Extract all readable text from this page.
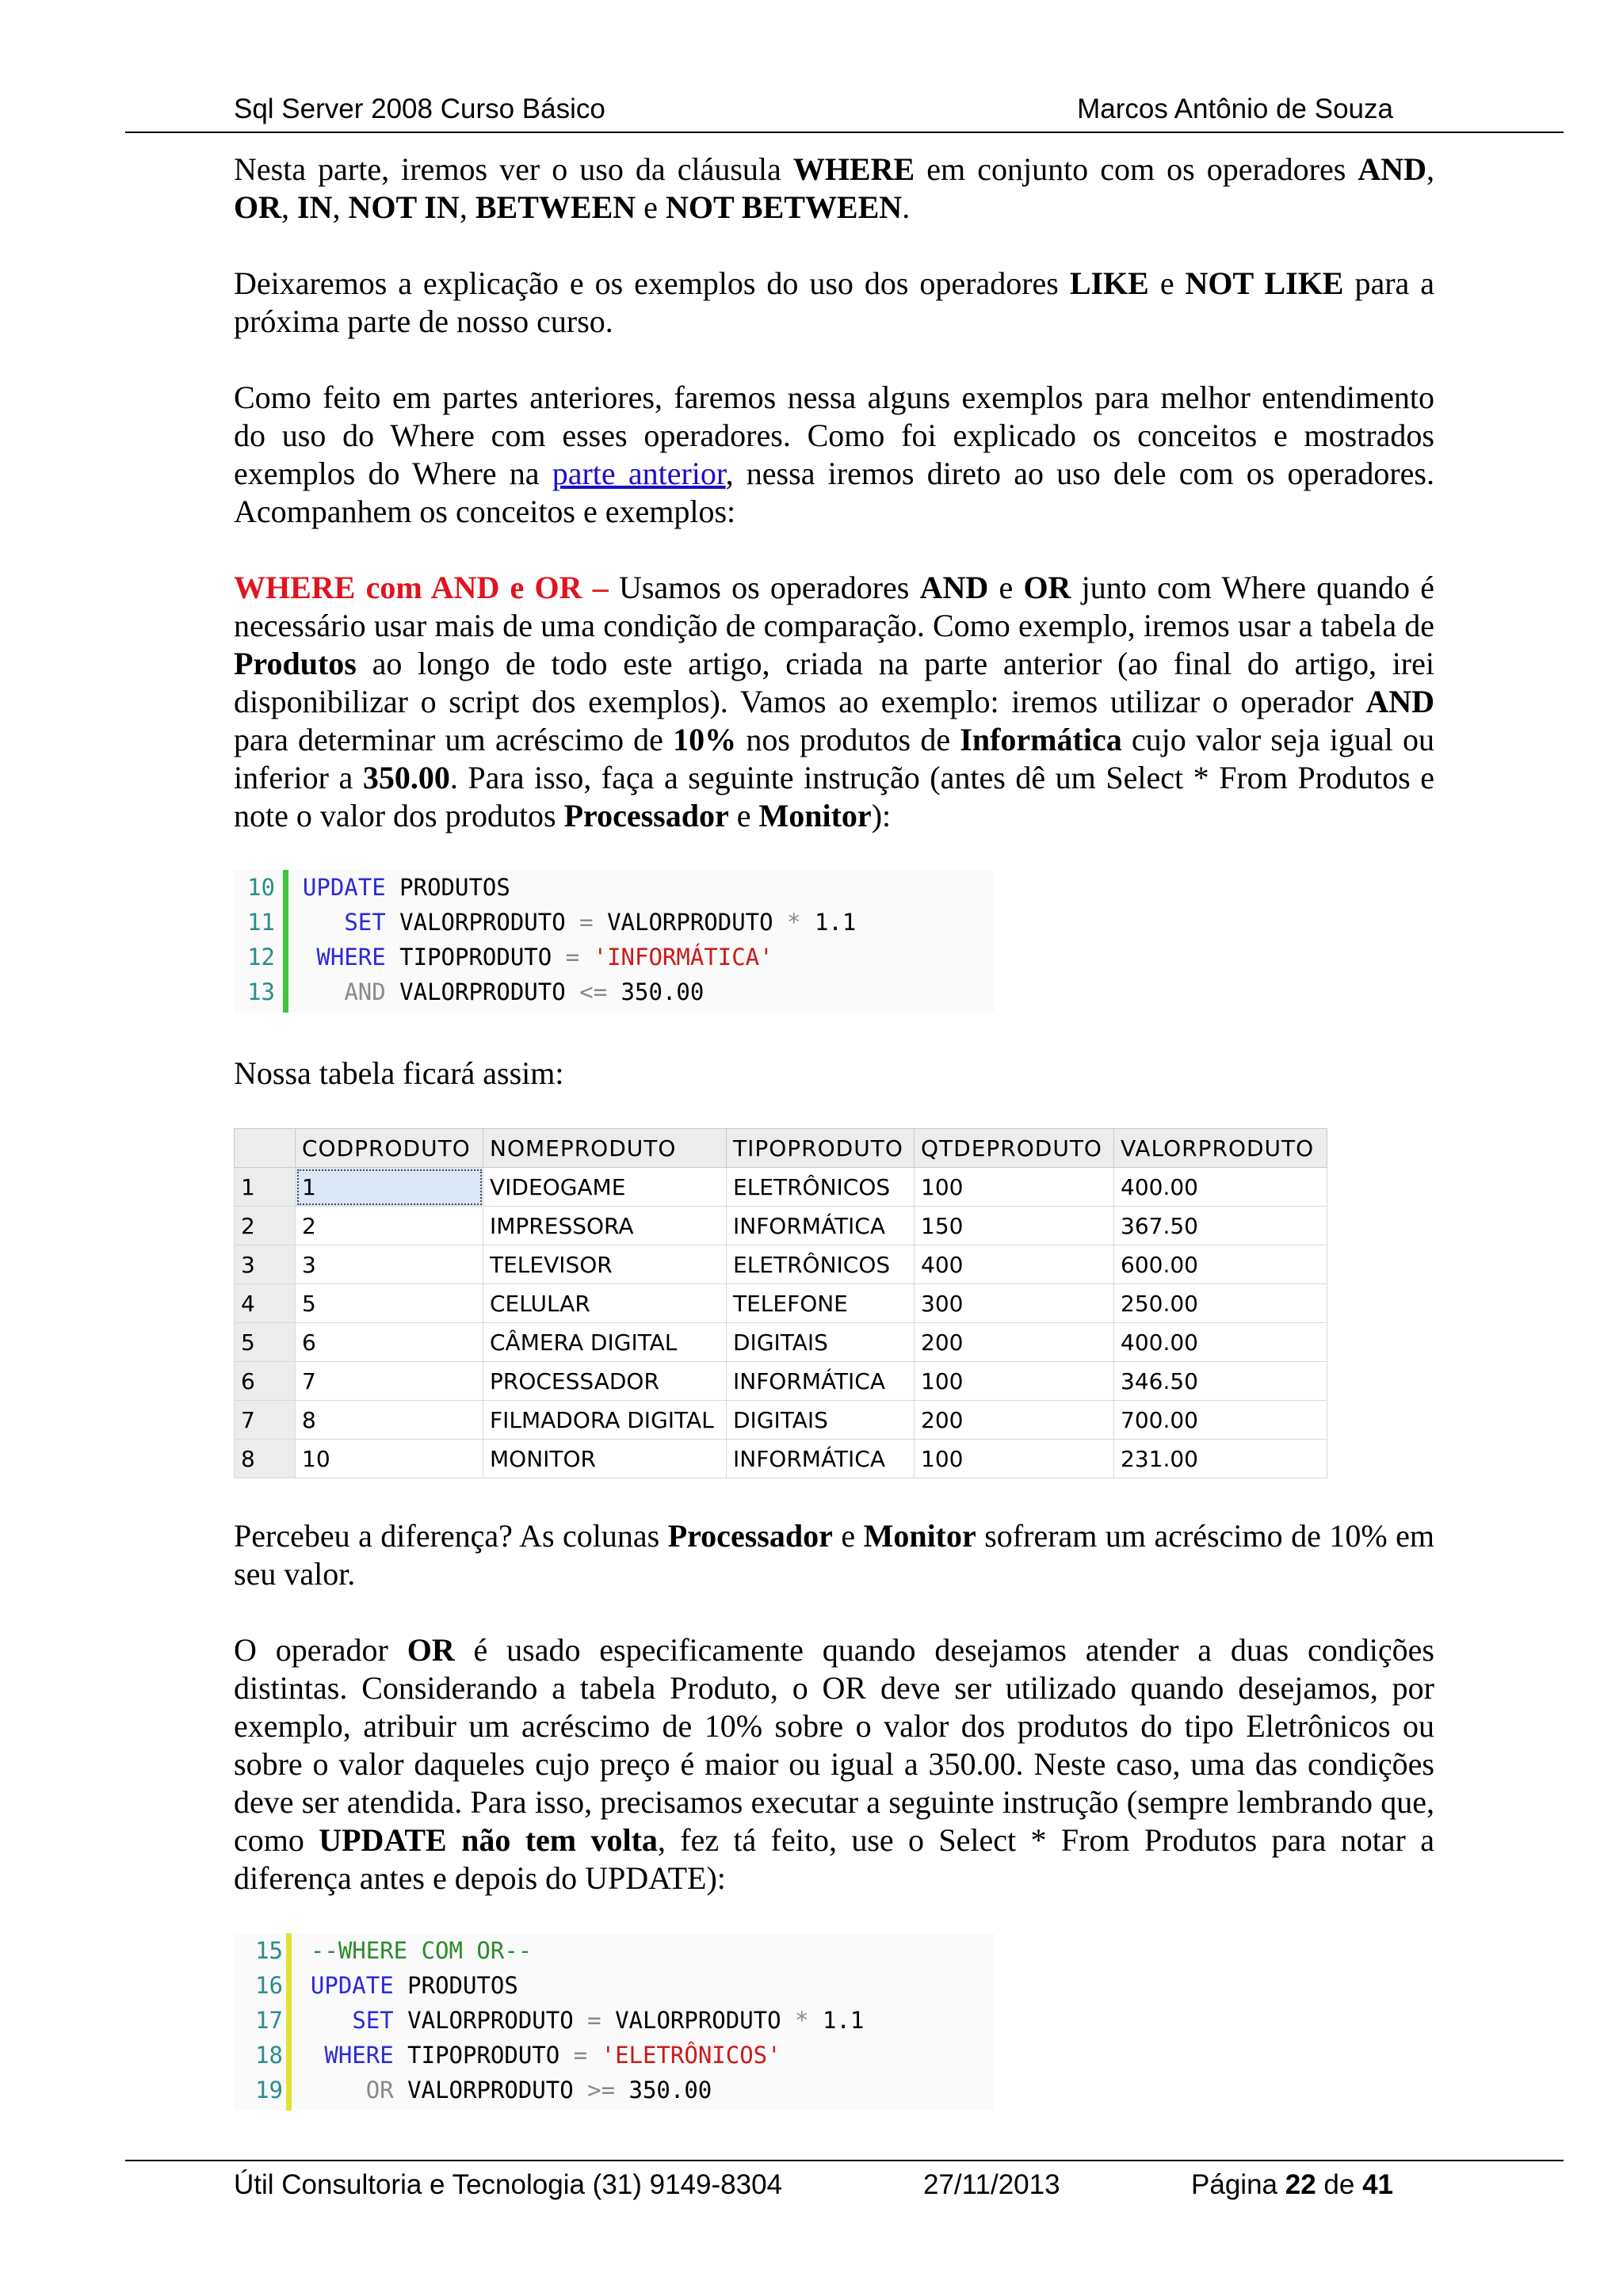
Sql Server 2008 Curso Básico	Marcos Antônio de Souza

Nesta parte, iremos ver o uso da cláusula WHERE em conjunto com os operadores AND, OR, IN, NOT IN, BETWEEN e NOT BETWEEN.

Deixaremos a explicação e os exemplos do uso dos operadores LIKE e NOT LIKE para a próxima parte de nosso curso.

Como feito em partes anteriores, faremos nessa alguns exemplos para melhor entendimento do uso do Where com esses operadores. Como foi explicado os conceitos e mostrados exemplos do Where na parte anterior, nessa iremos direto ao uso dele com os operadores. Acompanhem os conceitos e exemplos:

WHERE com AND e OR – Usamos os operadores AND e OR junto com Where quando é necessário usar mais de uma condição de comparação. Como exemplo, iremos usar a tabela de Produtos ao longo de todo este artigo, criada na parte anterior (ao final do artigo, irei disponibilizar o script dos exemplos). Vamos ao exemplo: iremos utilizar o operador AND para determinar um acréscimo de 10% nos produtos de Informática cujo valor seja igual ou inferior a 350.00. Para isso, faça a seguinte instrução (antes dê um Select * From Produtos e note o valor dos produtos Processador e Monitor):

10 UPDATE PRODUTOS
11	SET VALORPRODUTO = VALORPRODUTO * 1.1
12 WHERE TIPOPRODUTO = 'INFORMÁTICA'
13	AND VALORPRODUTO <= 350.00

Nossa tabela ficará assim:

	CODPRODUTO	NOMEPRODUTO	TIPOPRODUTO	QTDEPRODUTO	VALORPRODUTO
1	1	VIDEOGAME	ELETRÔNICOS	100	400.00
2	2	IMPRESSORA	INFORMÁTICA	150	367.50
3	3	TELEVISOR	ELETRÔNICOS	400	600.00
4	5	CELULAR	TELEFONE	300	250.00
5	6	CÂMERA DIGITAL	DIGITAIS	200	400.00
6	7	PROCESSADOR	INFORMÁTICA	100	346.50
7	8	FILMADORA DIGITAL	DIGITAIS	200	700.00
8	10	MONITOR	INFORMÁTICA	100	231.00

Percebeu a diferença? As colunas Processador e Monitor sofreram um acréscimo de 10% em seu valor.

O operador OR é usado especificamente quando desejamos atender a duas condições distintas. Considerando a tabela Produto, o OR deve ser utilizado quando desejamos, por exemplo, atribuir um acréscimo de 10% sobre o valor dos produtos do tipo Eletrônicos ou sobre o valor daqueles cujo preço é maior ou igual a 350.00. Neste caso, uma das condições deve ser atendida. Para isso, precisamos executar a seguinte instrução (sempre lembrando que, como UPDATE não tem volta, fez tá feito, use o Select * From Produtos para notar a diferença antes e depois do UPDATE):

15 --WHERE COM OR--
16 UPDATE PRODUTOS
17	SET VALORPRODUTO = VALORPRODUTO * 1.1
18 WHERE TIPOPRODUTO = 'ELETRÔNICOS'
19	OR VALORPRODUTO >= 350.00
Útil Consultoria e Tecnologia (31) 9149-8304	27/11/2013	Página 22 de 41
